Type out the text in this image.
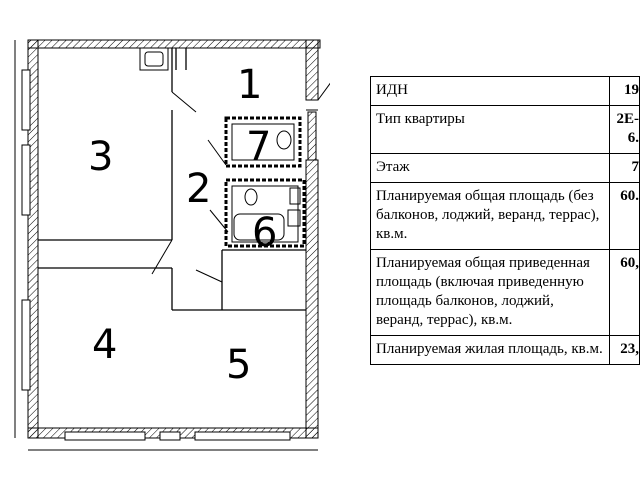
1
2
3
4	5
6
7
ИДН	19
Тип квартиры	2Е-
6.
Этаж	7
Планируемая общая площадь (без балконов, лоджий, веранд, террас), кв.м.	60.
Планируемая общая приведенная площадь (включая приведенную площадь балконов, лоджий, веранд, террас), кв.м.	60,
Планируемая жилая площадь, кв.м.	23,
